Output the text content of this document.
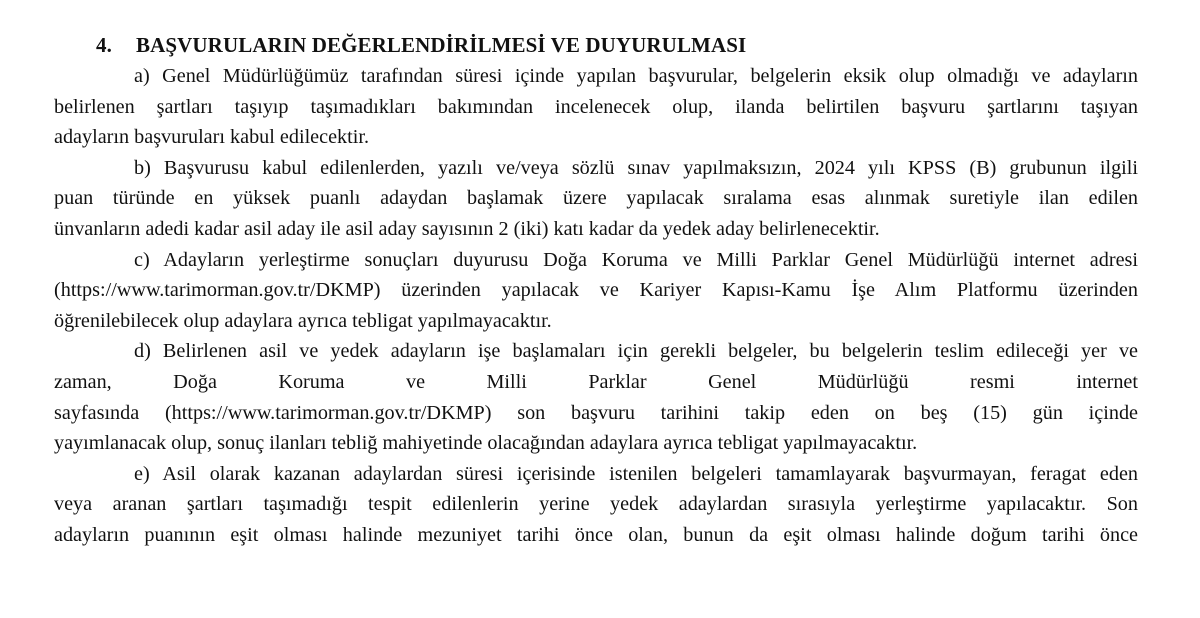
4. BAŞVURULARIN DEĞERLENDİRİLMESİ VE DUYURULMASI

a) Genel Müdürlüğümüz tarafından süresi içinde yapılan başvurular, belgelerin eksik olup olmadığı ve adayların
belirlenen şartları taşıyıp taşımadıkları bakımından incelenecek olup, ilanda belirtilen başvuru şartlarını taşıyan
adayların başvuruları kabul edilecektir.

b) Başvurusu kabul edilenlerden, yazılı ve/veya sözlü sınav yapılmaksızın, 2024 yılı KPSS (B) grubunun ilgili
puan türünde en yüksek puanlı adaydan başlamak üzere yapılacak sıralama esas alınmak suretiyle ilan edilen
ünvanların adedi kadar asil aday ile asil aday sayısının 2 (iki) katı kadar da yedek aday belirlenecektir.

c) Adayların yerleştirme sonuçları duyurusu Doğa Koruma ve Milli Parklar Genel Müdürlüğü internet adresi
(https://www.tarimorman.gov.tr/DKMP) üzerinden yapılacak ve Kariyer Kapısı-Kamu İşe Alım Platformu üzerinden
öğrenilebilecek olup adaylara ayrıca tebligat yapılmayacaktır.

d) Belirlenen asil ve yedek adayların işe başlamaları için gerekli belgeler, bu belgelerin teslim edileceği yer ve
zaman, Doğa Koruma ve Milli Parklar Genel Müdürlüğü resmi internet
sayfasında (https://www.tarimorman.gov.tr/DKMP) son başvuru tarihini takip eden on beş (15) gün içinde
yayımlanacak olup, sonuç ilanları tebliğ mahiyetinde olacağından adaylara ayrıca tebligat yapılmayacaktır.

e) Asil olarak kazanan adaylardan süresi içerisinde istenilen belgeleri tamamlayarak başvurmayan, feragat eden
veya aranan şartları taşımadığı tespit edilenlerin yerine yedek adaylardan sırasıyla yerleştirme yapılacaktır. Son
adayların puanının eşit olması halinde mezuniyet tarihi önce olan, bunun da eşit olması halinde doğum tarihi önce
